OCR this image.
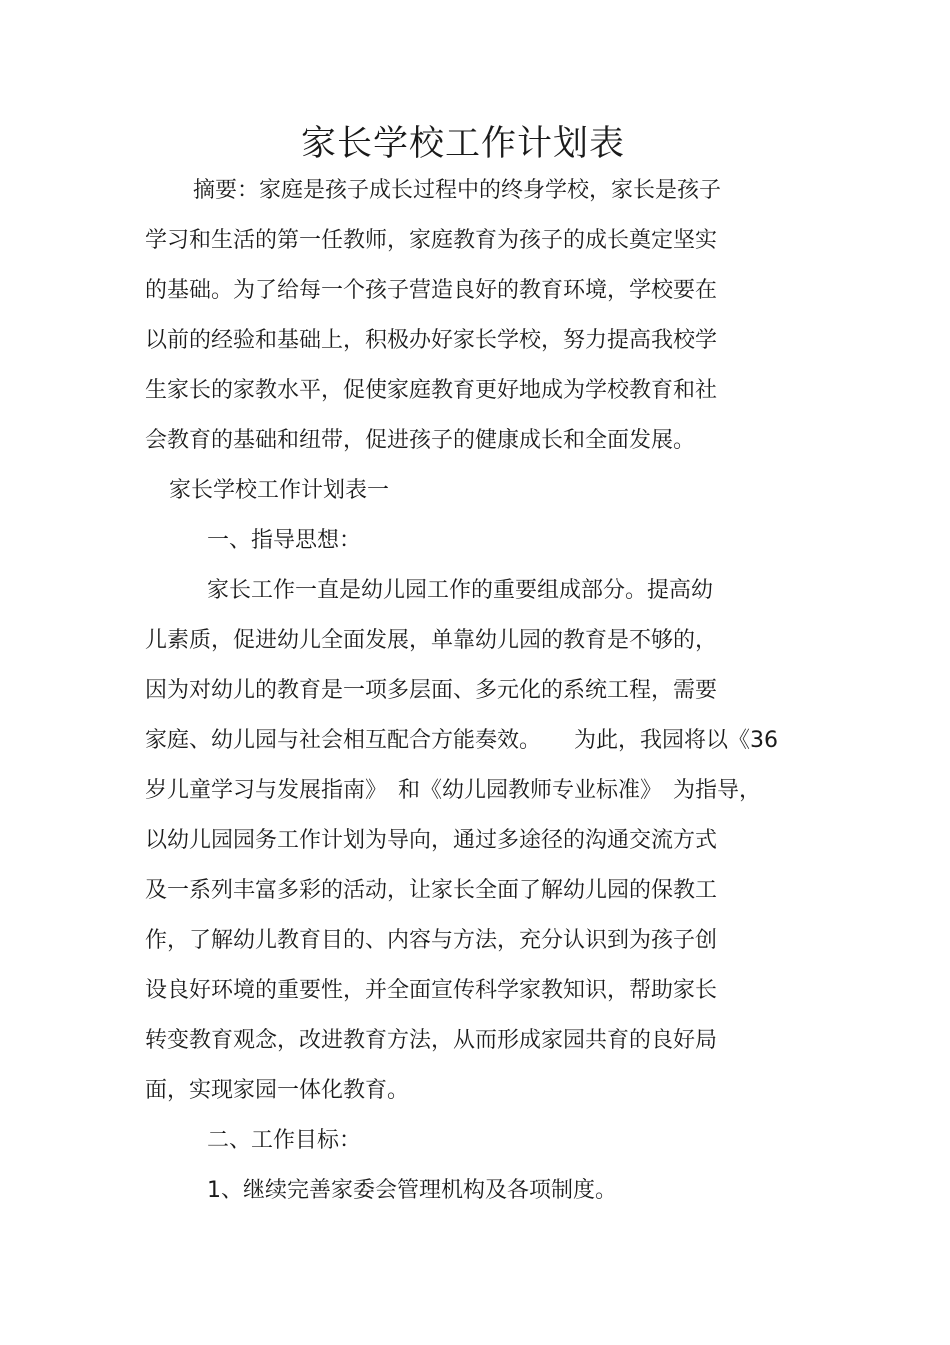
家长学校工作计划表
摘要：家庭是孩子成长过程中的终身学校，家长是孩子
学习和生活的第一任教师，家庭教育为孩子的成长奠定坚实
的基础。为了给每一个孩子营造良好的教育环境，学校要在
以前的经验和基础上，积极办好家长学校，努力提高我校学
生家长的家教水平，促使家庭教育更好地成为学校教育和社
会教育的基础和纽带，促进孩子的健康成长和全面发展。
家长学校工作计划表一
一、指导思想：
家长工作一直是幼儿园工作的重要组成部分。提高幼
儿素质，促进幼儿全面发展，单靠幼儿园的教育是不够的，
因为对幼儿的教育是一项多层面、多元化的系统工程，需要
家庭、幼儿园与社会相互配合方能奏效。　　为此，我园将以《36
岁儿童学习与发展指南》　和《幼儿园教师专业标准》　为指导，
以幼儿园园务工作计划为导向，通过多途径的沟通交流方式
及一系列丰富多彩的活动，让家长全面了解幼儿园的保教工
作，了解幼儿教育目的、内容与方法，充分认识到为孩子创
设良好环境的重要性，并全面宣传科学家教知识，帮助家长
转变教育观念，改进教育方法，从而形成家园共育的良好局
面，实现家园一体化教育。
二、工作目标：
1、继续完善家委会管理机构及各项制度。
